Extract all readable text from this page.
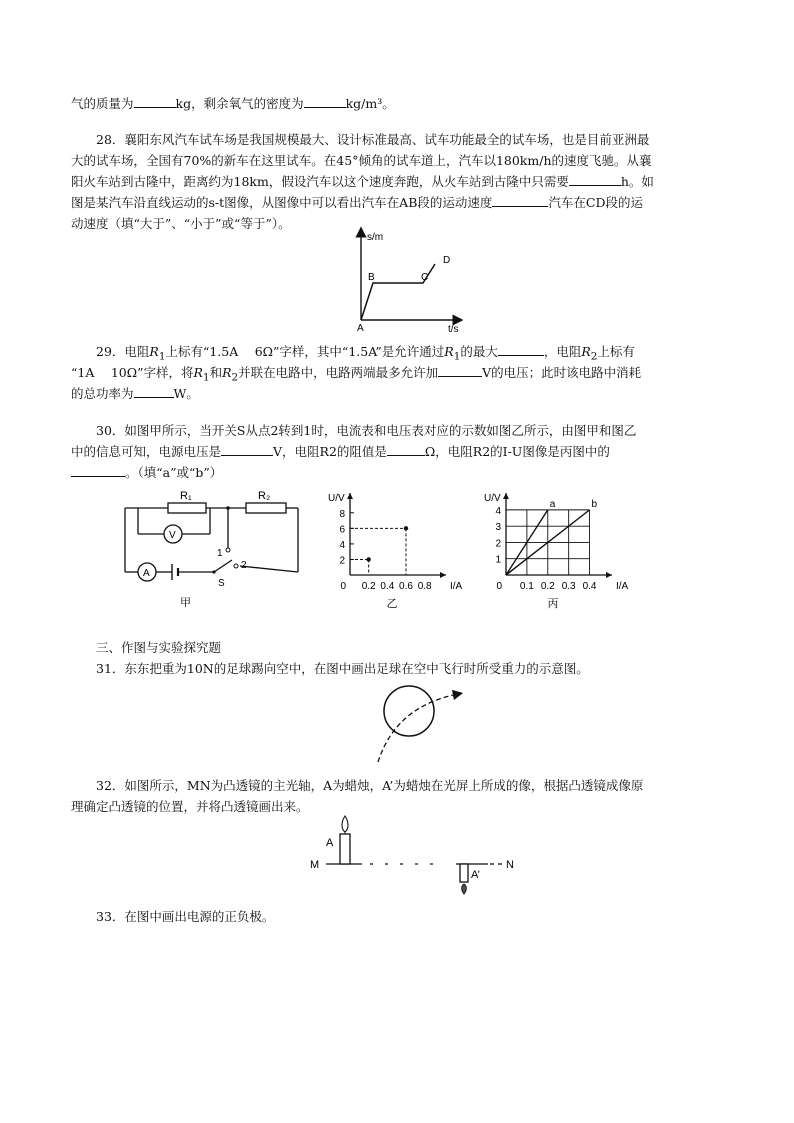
气的质量为	kg，剩余氧气的密度为	kg/m³。
28．襄阳东风汽车试车场是我国规模最大、设计标准最高、试车功能最全的试车场，也是目前亚洲最
大的试车场，全国有70%的新车在这里试车。在45°倾角的试车道上，汽车以180km/h的速度飞驰。从襄
阳火车站到古隆中，距离约为18km，假设汽车以这个速度奔跑，从火车站到古隆中只需要	h。如
图是某汽车沿直线运动的s-t图像，从图像中可以看出汽车在AB段的运动速度	汽车在CD段的运
动速度（填“大于”、“小于”或“等于”）。
s/m
t/s
A
B	C
D
29．电阻$R_1$上标有“1.5A　 6Ω”字样，其中“1.5A”是允许通过$R_1$的最大	，电阻$R_2$上标有
“1A　 10Ω”字样，将$R_1$和$R_2$并联在电路中，电路两端最多允许加	V的电压；此时该电路中消耗
的总功率为	W。
30．如图甲所示，当开关S从点2转到1时，电流表和电压表对应的示数如图乙所示，由图甲和图乙
中的信息可知，电源电压是	V，电阻R2的阻值是	Ω，电阻R2的I-U图像是丙图中的
。（填“a”或“b”）
R₁	R₂
V
A
1
2
S
甲
0.2 0.4 0.6 0.8
2
4
6
8
0
U/V
I/A
乙
0.1 0.2 0.3 0.4
1
2
3
4
0
U/V
I/A
丙
a	b
三、作图与实验探究题
31．东东把重为10N的足球踢向空中，在图中画出足球在空中飞行时所受重力的示意图。
32．如图所示，MN为凸透镜的主光轴，A为蜡烛，A’为蜡烛在光屏上所成的像，根据凸透镜成像原
理确定凸透镜的位置，并将凸透镜画出来。
M	N
A
A’
33．在图中画出电源的正负极。
